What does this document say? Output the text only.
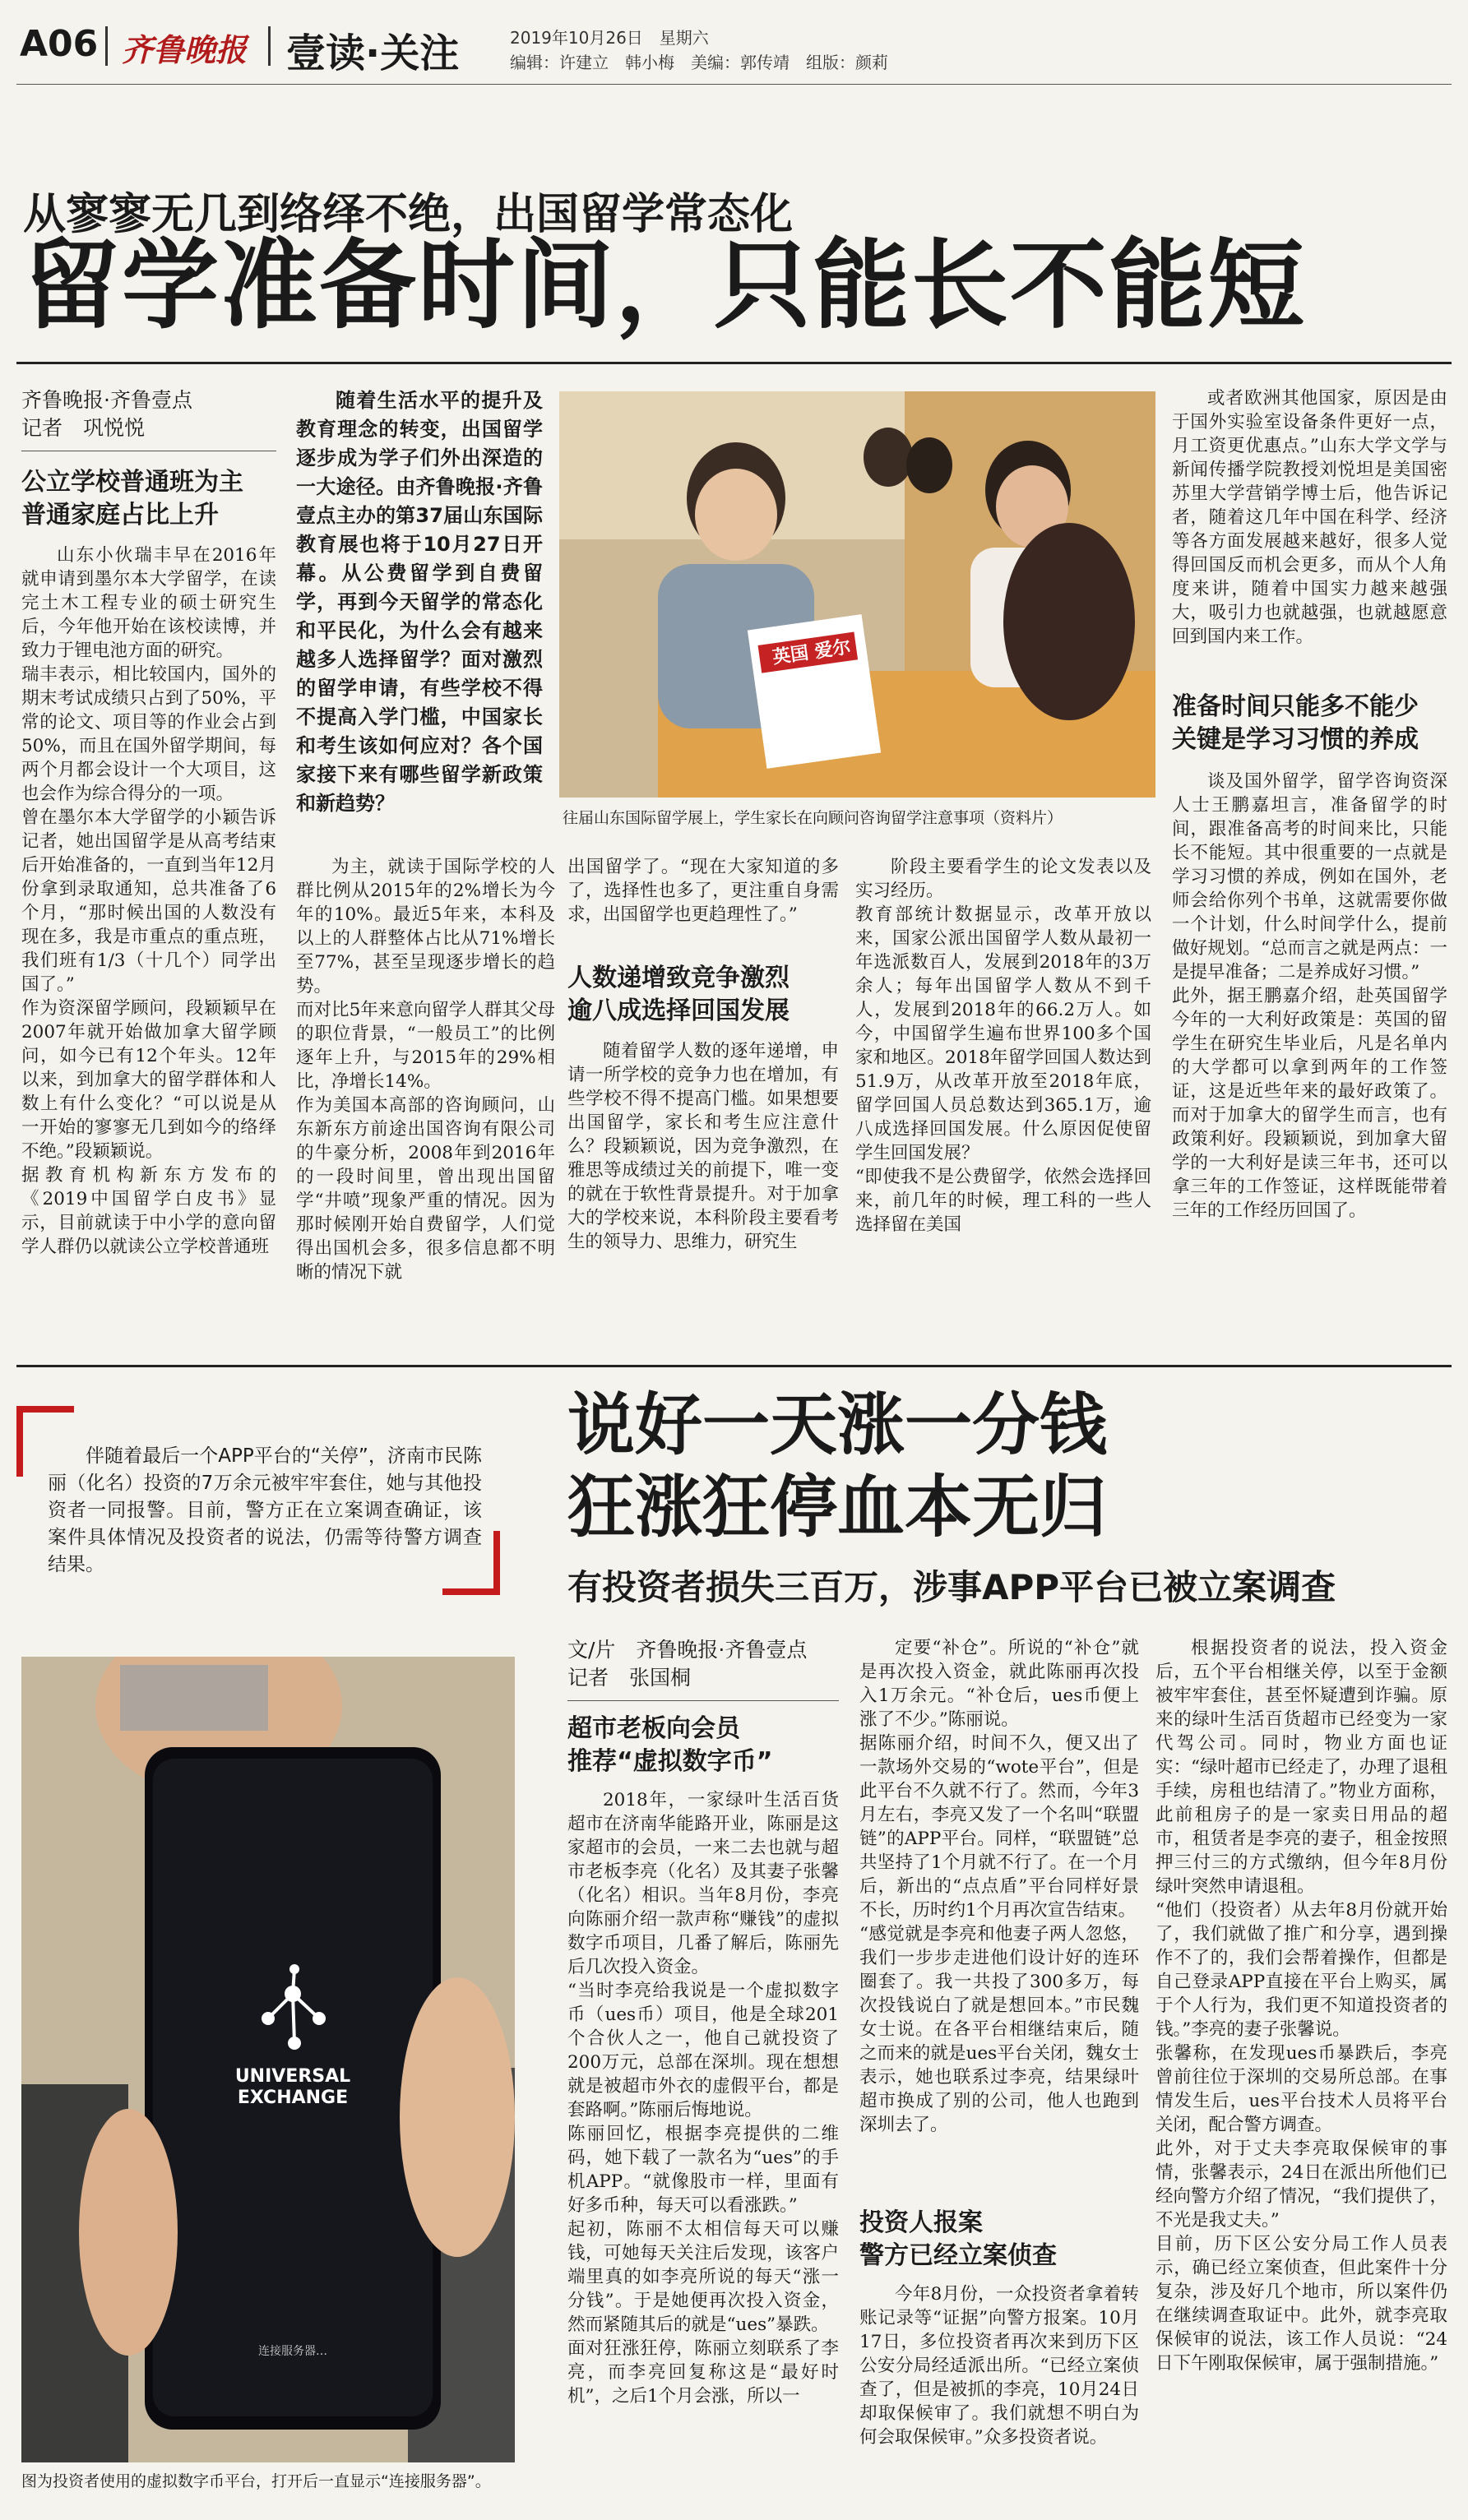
A06 齐鲁晚报 壹读·关注	2019年10月26日　星期六
编辑：许建立　韩小梅　美编：郭传靖　组版：颜莉
从寥寥无几到络绎不绝，出国留学常态化
留学准备时间，只能长不能短
齐鲁晚报·齐鲁壹点
记者　巩悦悦
公立学校普通班为主
普通家庭占比上升
山东小伙瑞丰早在2016年就申请到墨尔本大学留学，在读完土木工程专业的硕士研究生后，今年他开始在该校读博，并致力于锂电池方面的研究。
瑞丰表示，相比较国内，国外的期末考试成绩只占到了50%，平常的论文、项目等的作业会占到50%，而且在国外留学期间，每两个月都会设计一个大项目，这也会作为综合得分的一项。
曾在墨尔本大学留学的小颖告诉记者，她出国留学是从高考结束后开始准备的，一直到当年12月份拿到录取通知，总共准备了6个月，“那时候出国的人数没有现在多，我是市重点的重点班，我们班有1/3（十几个）同学出国了。”
作为资深留学顾问，段颖颖早在2007年就开始做加拿大留学顾问，如今已有12个年头。12年以来，到加拿大的留学群体和人数上有什么变化？“可以说是从一开始的寥寥无几到如今的络绎不绝。”段颖颖说。
据教育机构新东方发布的《2019中国留学白皮书》显示，目前就读于中小学的意向留学人群仍以就读公立学校普通班
随着生活水平的提升及教育理念的转变，出国留学逐步成为学子们外出深造的一大途径。由齐鲁晚报·齐鲁壹点主办的第37届山东国际教育展也将于10月27日开幕。从公费留学到自费留学，再到今天留学的常态化和平民化，为什么会有越来越多人选择留学？面对激烈的留学申请，有些学校不得不提高入学门槛，中国家长和考生该如何应对？各个国家接下来有哪些留学新政策和新趋势？
英国 爱尔兰 留学服务
往届山东国际留学展上，学生家长在向顾问咨询留学注意事项（资料片）
为主，就读于国际学校的人群比例从2015年的2%增长为今年的10%。最近5年来，本科及以上的人群整体占比从71%增长至77%，甚至呈现逐步增长的趋势。
而对比5年来意向留学人群其父母的职位背景，“一般员工”的比例逐年上升，与2015年的29%相比，净增长14%。
作为美国本高部的咨询顾问，山东新东方前途出国咨询有限公司的牛豪分析，2008年到2016年的一段时间里，曾出现出国留学“井喷”现象严重的情况。因为那时候刚开始自费留学，人们觉得出国机会多，很多信息都不明晰的情况下就
出国留学了。“现在大家知道的多了，选择性也多了，更注重自身需求，出国留学也更趋理性了。”
人数递增致竞争激烈
逾八成选择回国发展
随着留学人数的逐年递增，申请一所学校的竞争力也在增加，有些学校不得不提高门槛。如果想要出国留学，家长和考生应注意什么？段颖颖说，因为竞争激烈，在雅思等成绩过关的前提下，唯一变的就在于软性背景提升。对于加拿大的学校来说，本科阶段主要看考生的领导力、思维力，研究生
阶段主要看学生的论文发表以及实习经历。
教育部统计数据显示，改革开放以来，国家公派出国留学人数从最初一年选派数百人，发展到2018年的3万余人；每年出国留学人数从不到千人，发展到2018年的66.2万人。如今，中国留学生遍布世界100多个国家和地区。2018年留学回国人数达到51.9万，从改革开放至2018年底，留学回国人员总数达到365.1万，逾八成选择回国发展。什么原因促使留学生回国发展？
“即使我不是公费留学，依然会选择回来，前几年的时候，理工科的一些人选择留在美国
或者欧洲其他国家，原因是由于国外实验室设备条件更好一点，月工资更优惠点。”山东大学文学与新闻传播学院教授刘悦坦是美国密苏里大学营销学博士后，他告诉记者，随着这几年中国在科学、经济等各方面发展越来越好，很多人觉得回国反而机会更多，而从个人角度来讲，随着中国实力越来越强大，吸引力也就越强，也就越愿意回到国内来工作。
准备时间只能多不能少
关键是学习习惯的养成
谈及国外留学，留学咨询资深人士王鹏嘉坦言，准备留学的时间，跟准备高考的时间来比，只能长不能短。其中很重要的一点就是学习习惯的养成，例如在国外，老师会给你列个书单，这就需要你做一个计划，什么时间学什么，提前做好规划。“总而言之就是两点：一是提早准备；二是养成好习惯。”
此外，据王鹏嘉介绍，赴英国留学今年的一大利好政策是：英国的留学生在研究生毕业后，凡是名单内的大学都可以拿到两年的工作签证，这是近些年来的最好政策了。而对于加拿大的留学生而言，也有政策利好。段颖颖说，到加拿大留学的一大利好是读三年书，还可以拿三年的工作签证，这样既能带着三年的工作经历回国了。
伴随着最后一个APP平台的“关停”，济南市民陈丽（化名）投资的7万余元被牢牢套住，她与其他投资者一同报警。目前，警方正在立案调查确证，该案件具体情况及投资者的说法，仍需等待警方调查结果。
说好一天涨一分钱
狂涨狂停血本无归
有投资者损失三百万，涉事APP平台已被立案调查
UNIVERSAL
EXCHANGE
连接服务器…
图为投资者使用的虚拟数字币平台，打开后一直显示“连接服务器”。
文/片　齐鲁晚报·齐鲁壹点
记者　张国桐
超市老板向会员
推荐“虚拟数字币”
2018年，一家绿叶生活百货超市在济南华能路开业，陈丽是这家超市的会员，一来二去也就与超市老板李亮（化名）及其妻子张馨（化名）相识。当年8月份，李亮向陈丽介绍一款声称“赚钱”的虚拟数字币项目，几番了解后，陈丽先后几次投入资金。
“当时李亮给我说是一个虚拟数字币（ues币）项目，他是全球201个合伙人之一，他自己就投资了200万元，总部在深圳。现在想想就是被超市外衣的虚假平台，都是套路啊。”陈丽后悔地说。
陈丽回忆，根据李亮提供的二维码，她下载了一款名为“ues”的手机APP。“就像股市一样，里面有好多币种，每天可以看涨跌。”
起初，陈丽不太相信每天可以赚钱，可她每天关注后发现，该客户端里真的如李亮所说的每天“涨一分钱”。于是她便再次投入资金，然而紧随其后的就是“ues”暴跌。
面对狂涨狂停，陈丽立刻联系了李亮，而李亮回复称这是“最好时机”，之后1个月会涨，所以一
定要“补仓”。所说的“补仓”就是再次投入资金，就此陈丽再次投入1万余元。“补仓后，ues币便上涨了不少。”陈丽说。
据陈丽介绍，时间不久，便又出了一款场外交易的“wote平台”，但是此平台不久就不行了。然而，今年3月左右，李亮又发了一个名叫“联盟链”的APP平台。同样，“联盟链”总共坚持了1个月就不行了。在一个月后，新出的“点点盾”平台同样好景不长，历时约1个月再次宣告结束。
“感觉就是李亮和他妻子两人忽悠，我们一步步走进他们设计好的连环圈套了。我一共投了300多万，每次投钱说白了就是想回本。”市民魏女士说。在各平台相继结束后，随之而来的就是ues平台关闭，魏女士表示，她也联系过李亮，结果绿叶超市换成了别的公司，他人也跑到深圳去了。
投资人报案
警方已经立案侦查
今年8月份，一众投资者拿着转账记录等“证据”向警方报案。10月17日，多位投资者再次来到历下区公安分局经适派出所。“已经立案侦查了，但是被抓的李亮，10月24日却取保候审了。我们就想不明白为何会取保候审。”众多投资者说。
根据投资者的说法，投入资金后，五个平台相继关停，以至于金额被牢牢套住，甚至怀疑遭到诈骗。原来的绿叶生活百货超市已经变为一家代驾公司。同时，物业方面也证实：“绿叶超市已经走了，办理了退租手续，房租也结清了。”物业方面称，此前租房子的是一家卖日用品的超市，租赁者是李亮的妻子，租金按照押三付三的方式缴纳，但今年8月份绿叶突然申请退租。
“他们（投资者）从去年8月份就开始了，我们就做了推广和分享，遇到操作不了的，我们会帮着操作，但都是自己登录APP直接在平台上购买，属于个人行为，我们更不知道投资者的钱。”李亮的妻子张馨说。
张馨称，在发现ues币暴跌后，李亮曾前往位于深圳的交易所总部。在事情发生后，ues平台技术人员将平台关闭，配合警方调查。
此外，对于丈夫李亮取保候审的事情，张馨表示，24日在派出所他们已经向警方介绍了情况，“我们提供了，不光是我丈夫。”
目前，历下区公安分局工作人员表示，确已经立案侦查，但此案件十分复杂，涉及好几个地市，所以案件仍在继续调查取证中。此外，就李亮取保候审的说法，该工作人员说：“24日下午刚取保候审，属于强制措施。”
